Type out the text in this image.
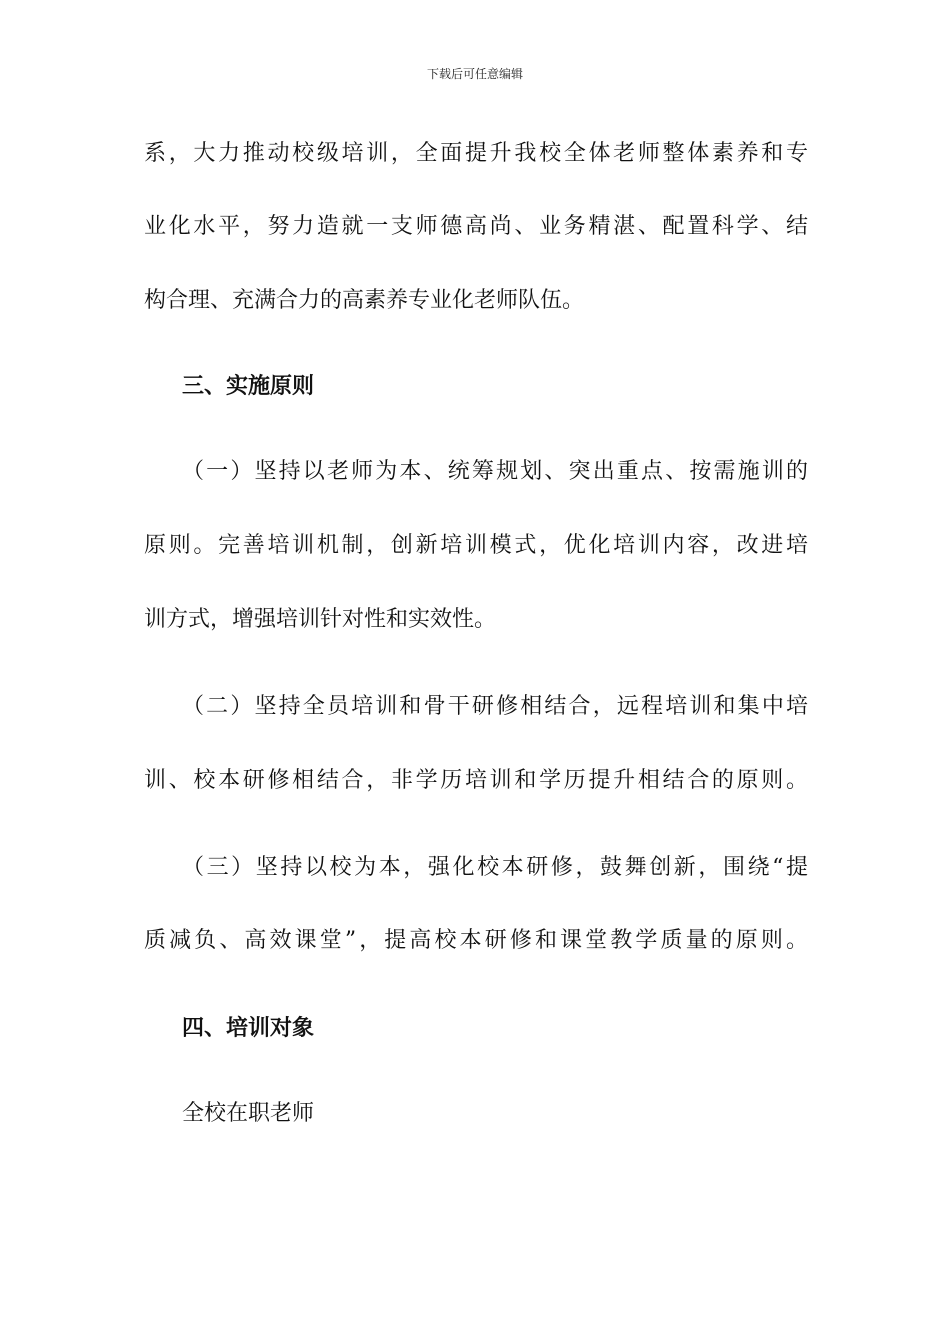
下载后可任意编辑
系，大力推动校级培训，全面提升我校全体老师整体素养和专
业化水平，努力造就一支师德高尚、业务精湛、配置科学、结
构合理、充满合力的高素养专业化老师队伍。
三、实施原则
（一）坚持以老师为本、统筹规划、突出重点、按需施训的
原则。完善培训机制，创新培训模式，优化培训内容，改进培
训方式，增强培训针对性和实效性。
（二）坚持全员培训和骨干研修相结合，远程培训和集中培
训、校本研修相结合，非学历培训和学历提升相结合的原则。
（三）坚持以校为本，强化校本研修，鼓舞创新，围绕“提
质减负、高效课堂”，提高校本研修和课堂教学质量的原则。
四、培训对象
全校在职老师
